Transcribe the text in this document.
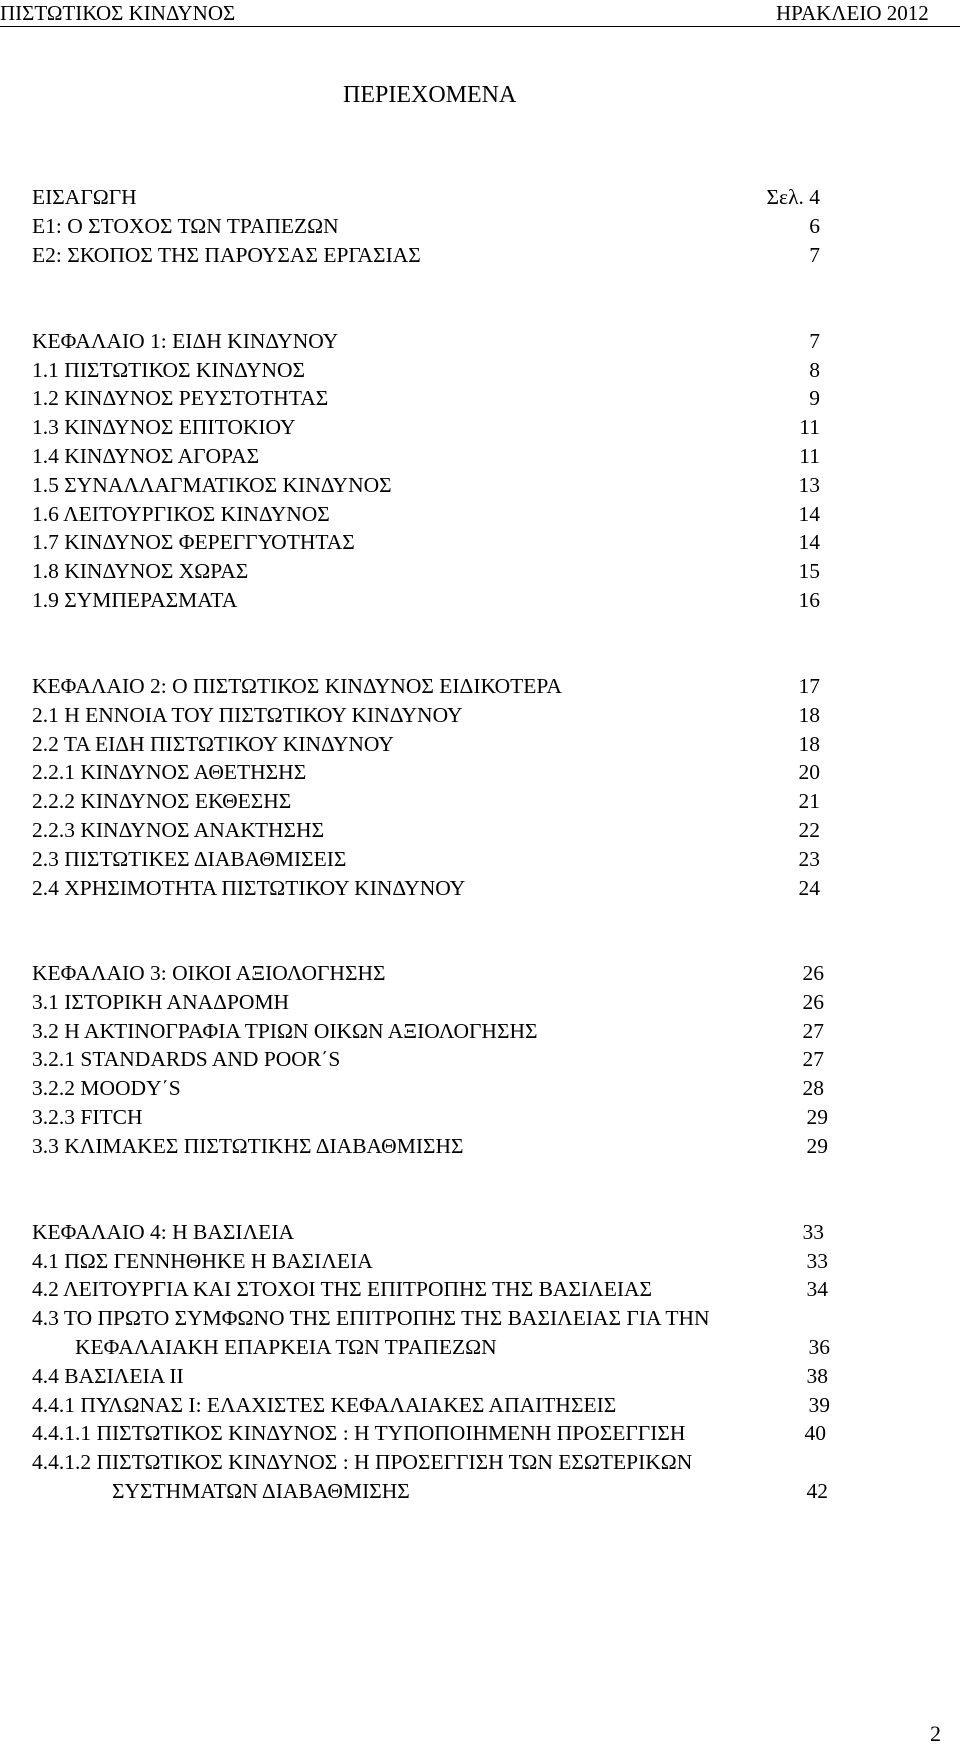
ΠΙΣΤΩΤΙΚΟΣ ΚΙΝΔΥΝΟΣ	ΗΡΑΚΛΕΙΟ 2012
ΠΕΡΙΕΧΟΜΕΝΑ
ΕΙΣΑΓΩΓΗ	Σελ. 4
Ε1: Ο ΣΤΟΧΟΣ ΤΩΝ ΤΡΑΠΕΖΩΝ	6
Ε2: ΣΚΟΠΟΣ ΤΗΣ ΠΑΡΟΥΣΑΣ ΕΡΓΑΣΙΑΣ	7
ΚΕΦΑΛΑΙΟ 1: ΕΙΔΗ ΚΙΝΔΥΝΟΥ	7
1.1 ΠΙΣΤΩΤΙΚΟΣ ΚΙΝΔΥΝΟΣ	8
1.2 ΚΙΝΔΥΝΟΣ ΡΕΥΣΤΟΤΗΤΑΣ	9
1.3 ΚΙΝΔΥΝΟΣ ΕΠΙΤΟΚΙΟΥ	11
1.4 ΚΙΝΔΥΝΟΣ ΑΓΟΡΑΣ	11
1.5 ΣΥΝΑΛΛΑΓΜΑΤΙΚΟΣ ΚΙΝΔΥΝΟΣ	13
1.6 ΛΕΙΤΟΥΡΓΙΚΟΣ ΚΙΝΔΥΝΟΣ	14
1.7 ΚΙΝΔΥΝΟΣ ΦΕΡΕΓΓΥΟΤΗΤΑΣ	14
1.8 ΚΙΝΔΥΝΟΣ ΧΩΡΑΣ	15
1.9 ΣΥΜΠΕΡΑΣΜΑΤΑ	16
ΚΕΦΑΛΑΙΟ 2: Ο ΠΙΣΤΩΤΙΚΟΣ ΚΙΝΔΥΝΟΣ ΕΙΔΙΚΟΤΕΡΑ	17
2.1 Η ΕΝΝΟΙΑ ΤΟΥ ΠΙΣΤΩΤΙΚΟΥ ΚΙΝΔΥΝΟΥ	18
2.2 ΤΑ ΕΙΔΗ ΠΙΣΤΩΤΙΚΟΥ ΚΙΝΔΥΝΟΥ	18
2.2.1 ΚΙΝΔΥΝΟΣ ΑΘΕΤΗΣΗΣ	20
2.2.2 ΚΙΝΔΥΝΟΣ ΕΚΘΕΣΗΣ	21
2.2.3 ΚΙΝΔΥΝΟΣ ΑΝΑΚΤΗΣΗΣ	22
2.3 ΠΙΣΤΩΤΙΚΕΣ ΔΙΑΒΑΘΜΙΣΕΙΣ	23
2.4 ΧΡΗΣΙΜΟΤΗΤΑ ΠΙΣΤΩΤΙΚΟΥ ΚΙΝΔΥΝΟΥ	24
ΚΕΦΑΛΑΙΟ 3: ΟΙΚΟΙ ΑΞΙΟΛΟΓΗΣΗΣ	26
3.1 ΙΣΤΟΡΙΚΗ ΑΝΑΔΡΟΜΗ	26
3.2 Η ΑΚΤΙΝΟΓΡΑΦΙΑ ΤΡΙΩΝ ΟΙΚΩΝ ΑΞΙΟΛΟΓΗΣΗΣ	27
3.2.1 STANDARDS AND POOR΄S	27
3.2.2 MOODY΄S	28
3.2.3 FITCH	29
3.3 ΚΛΙΜΑΚΕΣ ΠΙΣΤΩΤΙΚΗΣ ΔΙΑΒΑΘΜΙΣΗΣ	29
ΚΕΦΑΛΑΙΟ 4: Η ΒΑΣΙΛΕΙΑ	33
4.1 ΠΩΣ ΓΕΝΝΗΘΗΚΕ Η ΒΑΣΙΛΕΙΑ	33
4.2 ΛΕΙΤΟΥΡΓΙΑ ΚΑΙ ΣΤΟΧΟΙ ΤΗΣ ΕΠΙΤΡΟΠΗΣ ΤΗΣ ΒΑΣΙΛΕΙΑΣ	34
4.3 ΤΟ ΠΡΩΤΟ ΣΥΜΦΩΝΟ ΤΗΣ ΕΠΙΤΡΟΠΗΣ ΤΗΣ ΒΑΣΙΛΕΙΑΣ ΓΙΑ ΤΗΝ
ΚΕΦΑΛΑΙΑΚΗ ΕΠΑΡΚΕΙΑ ΤΩΝ ΤΡΑΠΕΖΩΝ	36
4.4 ΒΑΣΙΛΕΙΑ ΙΙ	38
4.4.1 ΠΥΛΩΝΑΣ Ι: ΕΛΑΧΙΣΤΕΣ ΚΕΦΑΛΑΙΑΚΕΣ ΑΠΑΙΤΗΣΕΙΣ	39
4.4.1.1 ΠΙΣΤΩΤΙΚΟΣ ΚΙΝΔΥΝΟΣ : Η ΤΥΠΟΠΟΙΗΜΕΝΗ ΠΡΟΣΕΓΓΙΣΗ	40
4.4.1.2 ΠΙΣΤΩΤΙΚΟΣ ΚΙΝΔΥΝΟΣ : Η ΠΡΟΣΕΓΓΙΣΗ ΤΩΝ ΕΣΩΤΕΡΙΚΩΝ
ΣΥΣΤΗΜΑΤΩΝ ΔΙΑΒΑΘΜΙΣΗΣ	42
2
